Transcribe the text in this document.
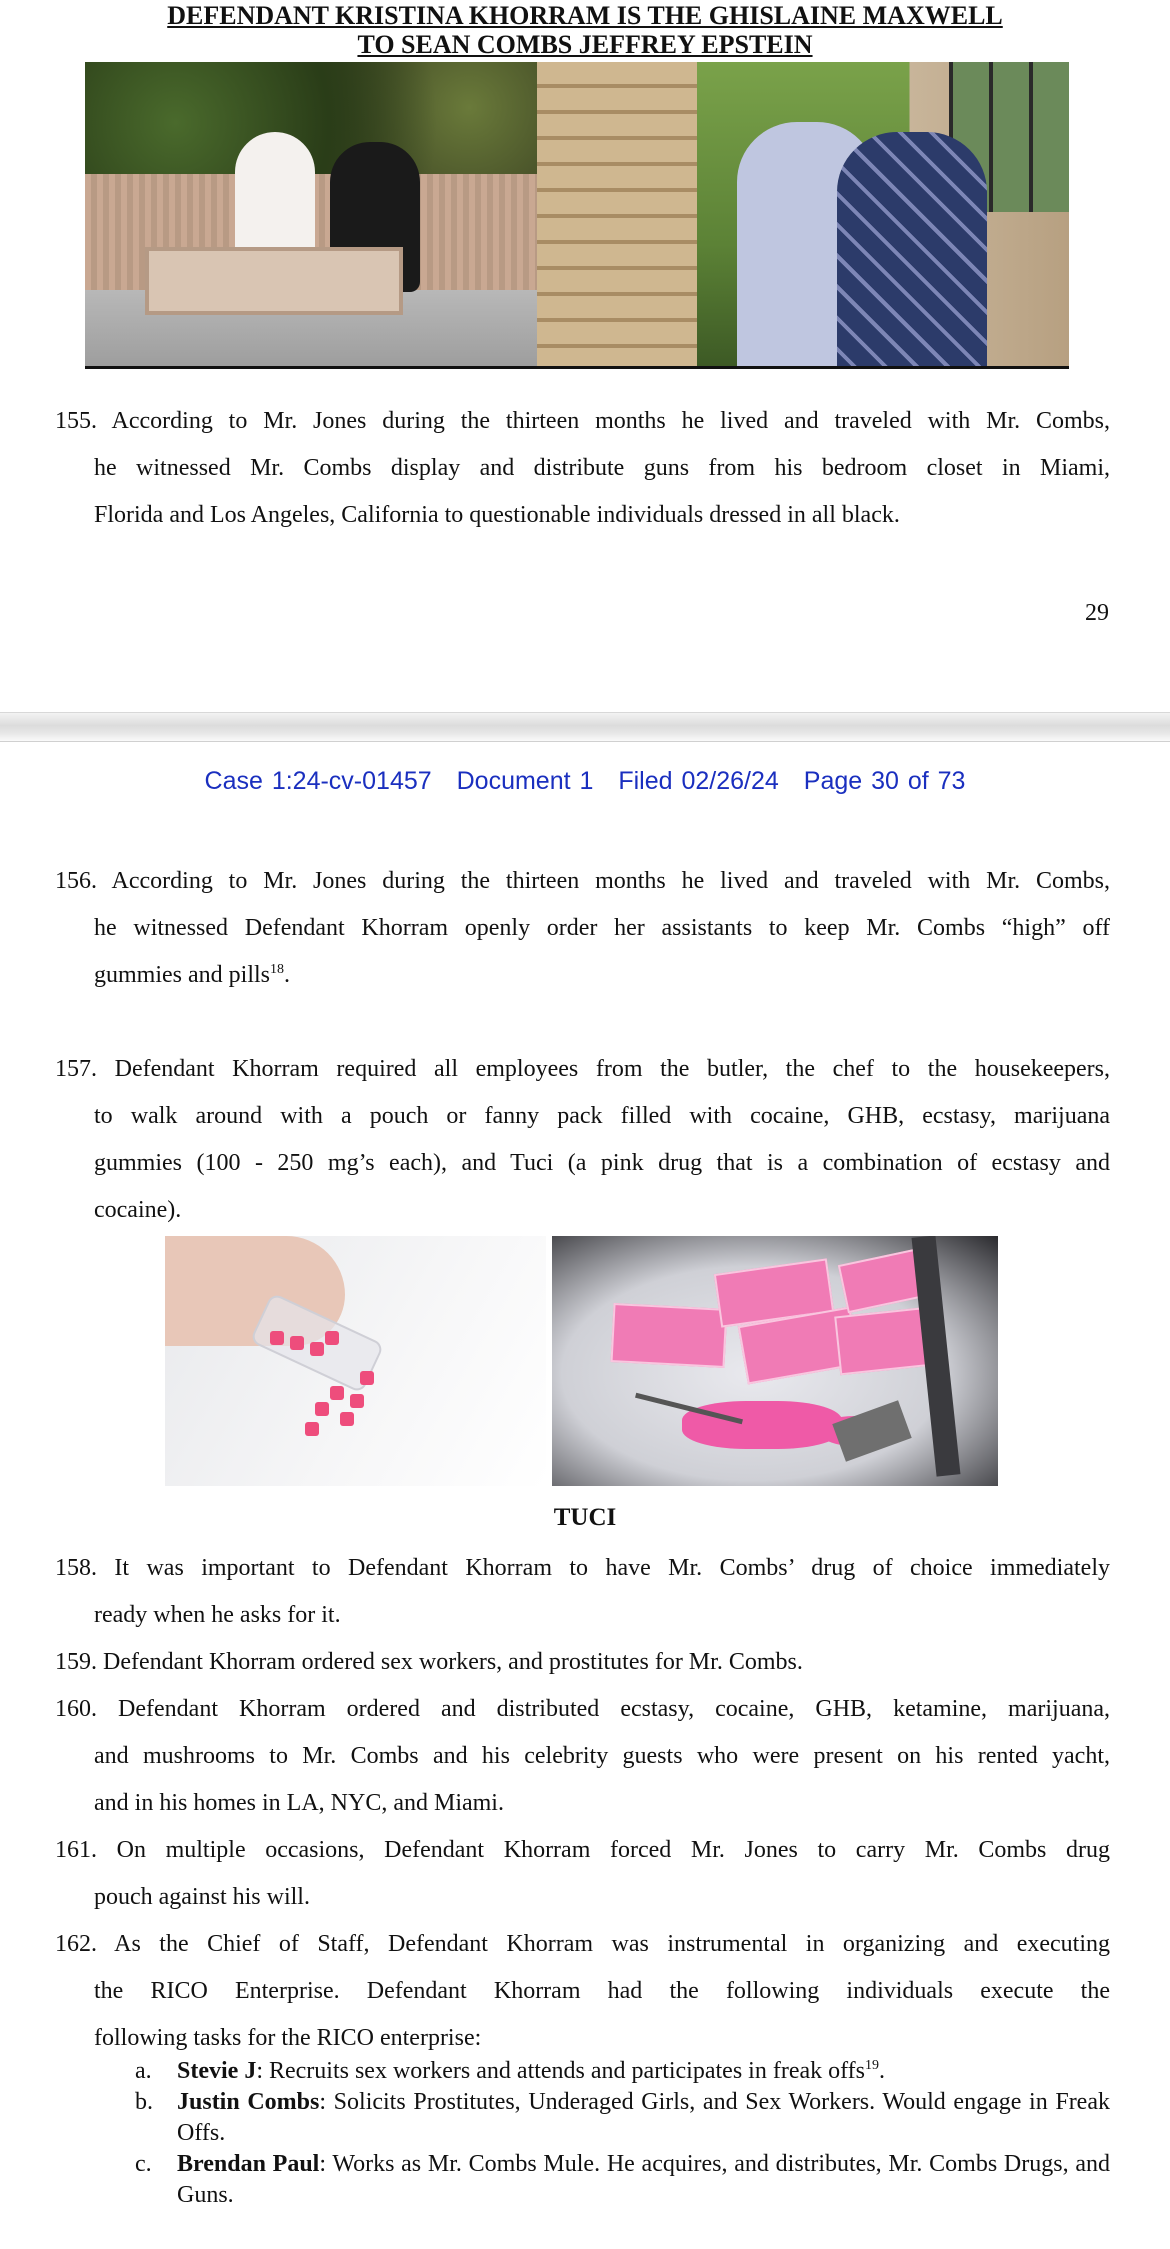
DEFENDANT KRISTINA KHORRAM IS THE GHISLAINE MAXWELL
TO SEAN COMBS JEFFREY EPSTEIN
29
155. According to Mr. Jones during the thirteen months he lived and traveled with Mr. Combs,
he witnessed Mr. Combs display and distribute guns from his bedroom closet in Miami,
Florida and Los Angeles, California to questionable individuals dressed in all black.
Case 1:24-cv-01457 Document 1 Filed 02/26/24 Page 30 of 73
156. According to Mr. Jones during the thirteen months he lived and traveled with Mr. Combs,
he witnessed Defendant Khorram openly order her assistants to keep Mr. Combs “high” off
gummies and pills$^{18}$.
157. Defendant Khorram required all employees from the butler, the chef to the housekeepers,
to walk around with a pouch or fanny pack filled with cocaine, GHB, ecstasy, marijuana
gummies (100 - 250 mg’s each), and Tuci (a pink drug that is a combination of ecstasy and
cocaine).
158. It was important to Defendant Khorram to have Mr. Combs’ drug of choice immediately
ready when he asks for it.
159. Defendant Khorram ordered sex workers, and prostitutes for Mr. Combs.
160. Defendant Khorram ordered and distributed ecstasy, cocaine, GHB, ketamine, marijuana,
and mushrooms to Mr. Combs and his celebrity guests who were present on his rented yacht,
and in his homes in LA, NYC, and Miami.
161. On multiple occasions, Defendant Khorram forced Mr. Jones to carry Mr. Combs drug
pouch against his will.
162. As the Chief of Staff, Defendant Khorram was instrumental in organizing and executing
the RICO Enterprise. Defendant Khorram had the following individuals execute the
following tasks for the RICO enterprise:
TUCI
a. Stevie J: Recruits sex workers and attends and participates in freak offs$^{19}$.
b. Justin Combs: Solicits Prostitutes, Underaged Girls, and Sex Workers. Would engage in Freak Offs.
c. Brendan Paul: Works as Mr. Combs Mule. He acquires, and distributes, Mr. Combs Drugs, and Guns.
